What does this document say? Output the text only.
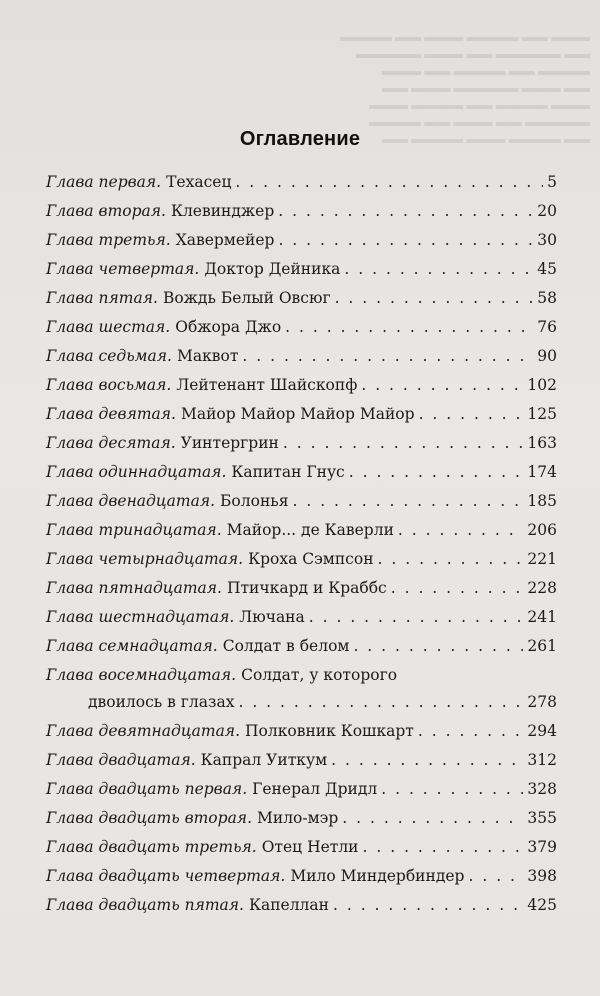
▬▬▬ ▬▬ ▬▬▬▬ ▬▬▬ ▬▬ ▬▬▬▬
▬▬ ▬▬▬▬▬ ▬▬ ▬▬▬ ▬▬▬▬▬
▬▬▬▬ ▬▬ ▬▬▬▬ ▬▬ ▬▬▬
▬▬ ▬▬▬ ▬▬▬▬▬ ▬▬▬ ▬▬
▬▬▬ ▬▬▬▬ ▬▬ ▬▬▬▬ ▬▬▬
▬▬▬▬▬ ▬▬ ▬▬▬ ▬▬ ▬▬▬▬
▬▬ ▬▬▬▬ ▬▬▬ ▬▬▬▬ ▬▬
Оглавление
Глава первая. Техасец . . .	5
Глава вторая. Клевинджер . . .	20
Глава третья. Хавермейер . . .	30
Глава четвертая. Доктор Дейника . . .	45
Глава пятая. Вождь Белый Овсюг . . .	58
Глава шестая. Обжора Джо . . .	76
Глава седьмая. Маквот . . .	90
Глава восьмая. Лейтенант Шайскопф . . .	102
Глава девятая. Майор Майор Майор Майор . . .	125
Глава десятая. Уинтергрин . . .	163
Глава одиннадцатая. Капитан Гнус . . .	174
Глава двенадцатая. Болонья . . .	185
Глава тринадцатая. Майор... де Каверли . . .	206
Глава четырнадцатая. Кроха Сэмпсон . . .	221
Глава пятнадцатая. Птичкард и Краббс . . .	228
Глава шестнадцатая. Лючана . . .	241
Глава семнадцатая. Солдат в белом . . .	261
Глава восемнадцатая. Солдат, у которого
двоилось в глазах . . .	278
Глава девятнадцатая. Полковник Кошкарт . . .	294
Глава двадцатая. Капрал Уиткум . . .	312
Глава двадцать первая. Генерал Дридл . . .	328
Глава двадцать вторая. Мило-мэр . . .	355
Глава двадцать третья. Отец Нетли . . .	379
Глава двадцать четвертая. Мило Миндербиндер . . .	398
Глава двадцать пятая. Капеллан . . .	425
